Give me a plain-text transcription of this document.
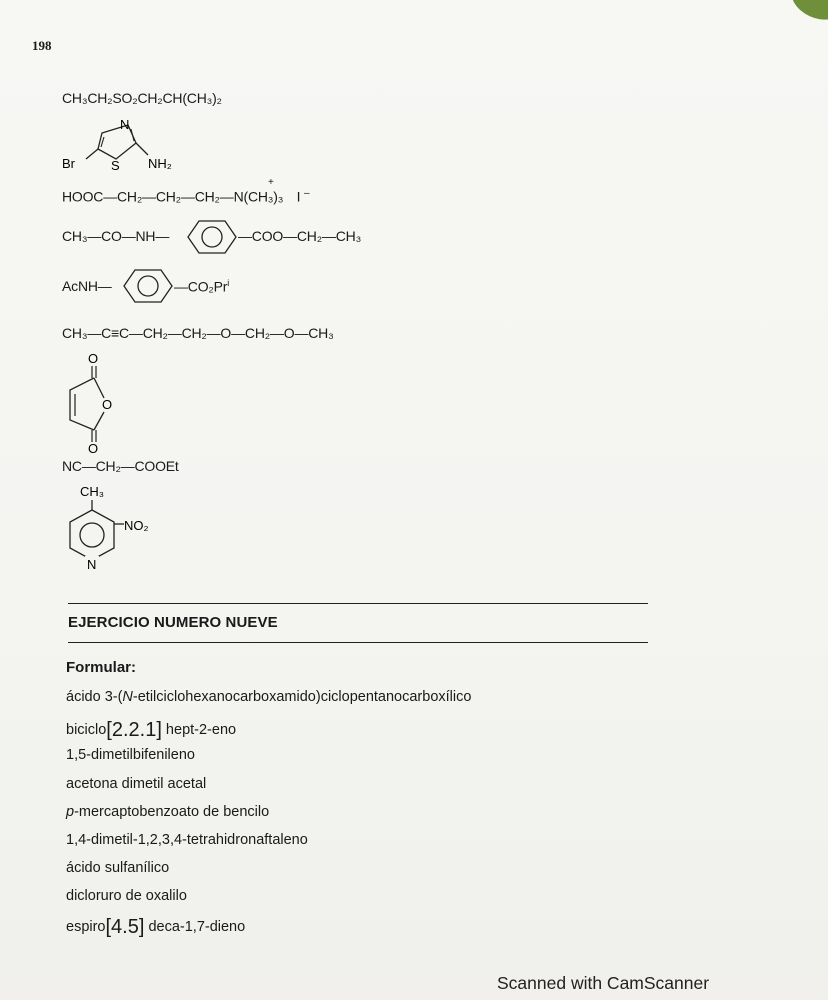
198
CH₃CH₂SO₂CH₂CH(CH₃)₂
N
S
Br	NH₂
HOOC—CH₂—CH₂—CH₂—N(CH₃)₃ I –
+
CH₃—CO—NH—	—COO—CH₂—CH₃
AcNH—	—CO₂Pr$^i$
CH₃—C≡C—CH₂—CH₂—O—CH₂—O—CH₃
O
O
O
NC—CH₂—COOEt
CH₃
NO₂
N
EJERCICIO NUMERO NUEVE
Formular:
ácido 3-(N-etilciclohexanocarboxamido)ciclopentanocarboxílico
biciclo[2.2.1] hept-2-eno
1,5-dimetilbifenileno
acetona dimetil acetal
p-mercaptobenzoato de bencilo
1,4-dimetil-1,2,3,4-tetrahidronaftaleno
ácido sulfanílico
dicloruro de oxalilo
espiro[4.5] deca-1,7-dieno
Scanned with CamScanner
